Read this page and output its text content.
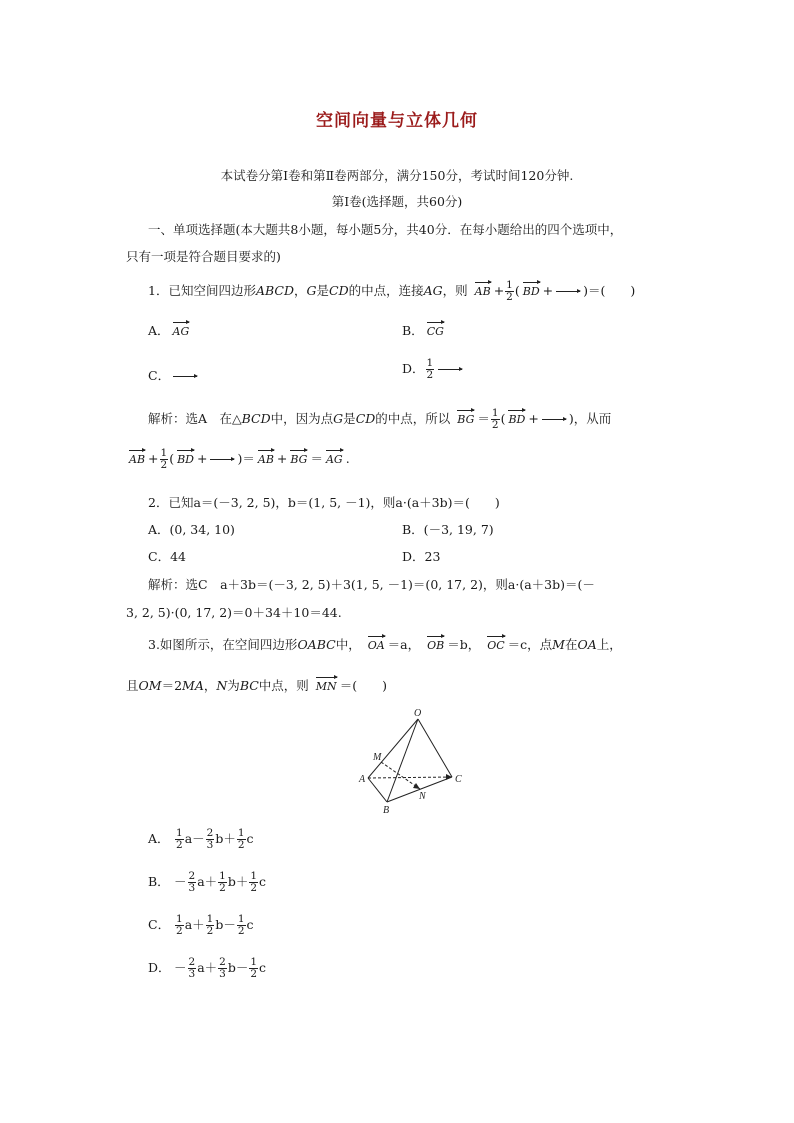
空间向量与立体几何
本试卷分第Ⅰ卷和第Ⅱ卷两部分，满分150分，考试时间120分钟.
第Ⅰ卷(选择题，共60分)
一、单项选择题(本大题共8小题，每小题5分，共40分．在每小题给出的四个选项中，
只有一项是符合题目要求的)
1．已知空间四边形ABCD，G是CD的中点，连接AG，则 AB + $\frac{1}{2}$ ( BD + )＝(　　)
A． AG	B． CG
C．	D． $\frac{1}{2}$
解析：选A　在△BCD中，因为点G是CD的中点，所以 BG ＝ $\frac{1}{2}$ ( BD + )，从而
AB + $\frac{1}{2}$ ( BD + )＝ AB + BG ＝ AG .
2．已知a＝(－3, 2, 5)，b＝(1, 5, －1)，则a·(a＋3b)＝(　　)
A．(0, 34, 10)	B．(－3, 19, 7)
C．44	D．23
解析：选C　a＋3b＝(－3, 2, 5)＋3(1, 5, －1)＝(0, 17, 2)，则a·(a＋3b)＝(－
3, 2, 5)·(0, 17, 2)＝0＋34＋10＝44.
3.如图所示，在空间四边形OABC中， OA ＝a， OB ＝b， OC ＝c，点M在OA上，
且OM＝2MA，N为BC中点，则 MN ＝(　　)
O
M
A
B
N
C
A． $\frac{1}{2} a- \frac{2}{3} b+ \frac{1}{2}$ c
B． － $\frac{2}{3} a+ \frac{1}{2} b+ \frac{1}{2}$ c
C． $\frac{1}{2} a+ \frac{1}{2} b- \frac{1}{2}$ c
D． － $\frac{2}{3} a+ \frac{2}{3} b- \frac{1}{2}$ c
